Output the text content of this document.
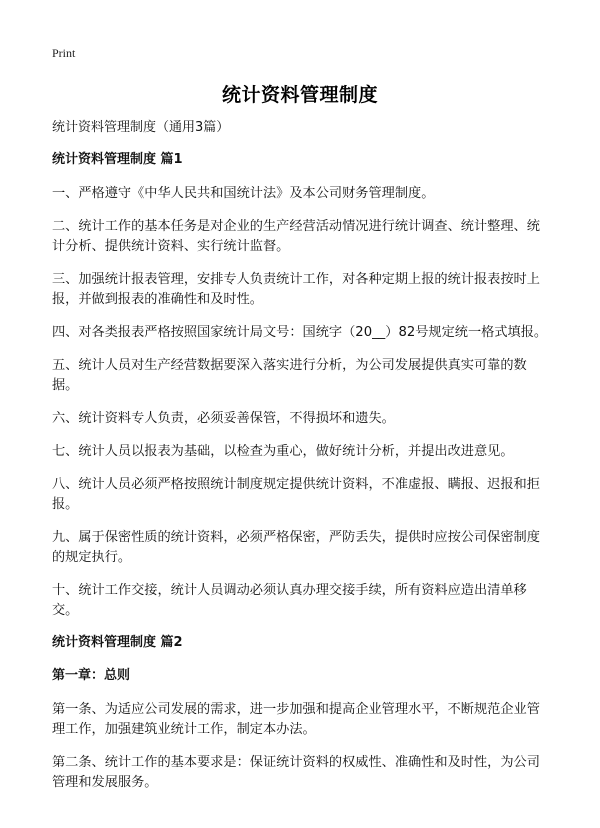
Print
统计资料管理制度
统计资料管理制度（通用3篇）
统计资料管理制度 篇1

一、严格遵守《中华人民共和国统计法》及本公司财务管理制度。

二、统计工作的基本任务是对企业的生产经营活动情况进行统计调查、统计整理、统计分析、提供统计资料、实行统计监督。

三、加强统计报表管理，安排专人负责统计工作，对各种定期上报的统计报表按时上报，并做到报表的准确性和及时性。

四、对各类报表严格按照国家统计局文号：国统字（20__）82号规定统一格式填报。

五、统计人员对生产经营数据要深入落实进行分析，为公司发展提供真实可靠的数据。

六、统计资料专人负责，必须妥善保管，不得损坏和遗失。

七、统计人员以报表为基础，以检查为重心，做好统计分析，并提出改进意见。

八、统计人员必须严格按照统计制度规定提供统计资料，不准虚报、瞒报、迟报和拒报。

九、属于保密性质的统计资料，必须严格保密，严防丢失，提供时应按公司保密制度的规定执行。

十、统计工作交接，统计人员调动必须认真办理交接手续，所有资料应造出清单移交。

统计资料管理制度 篇2
第一章：总则

第一条、为适应公司发展的需求，进一步加强和提高企业管理水平，不断规范企业管理工作，加强建筑业统计工作，制定本办法。

第二条、统计工作的基本要求是：保证统计资料的权威性、准确性和及时性，为公司管理和发展服务。
